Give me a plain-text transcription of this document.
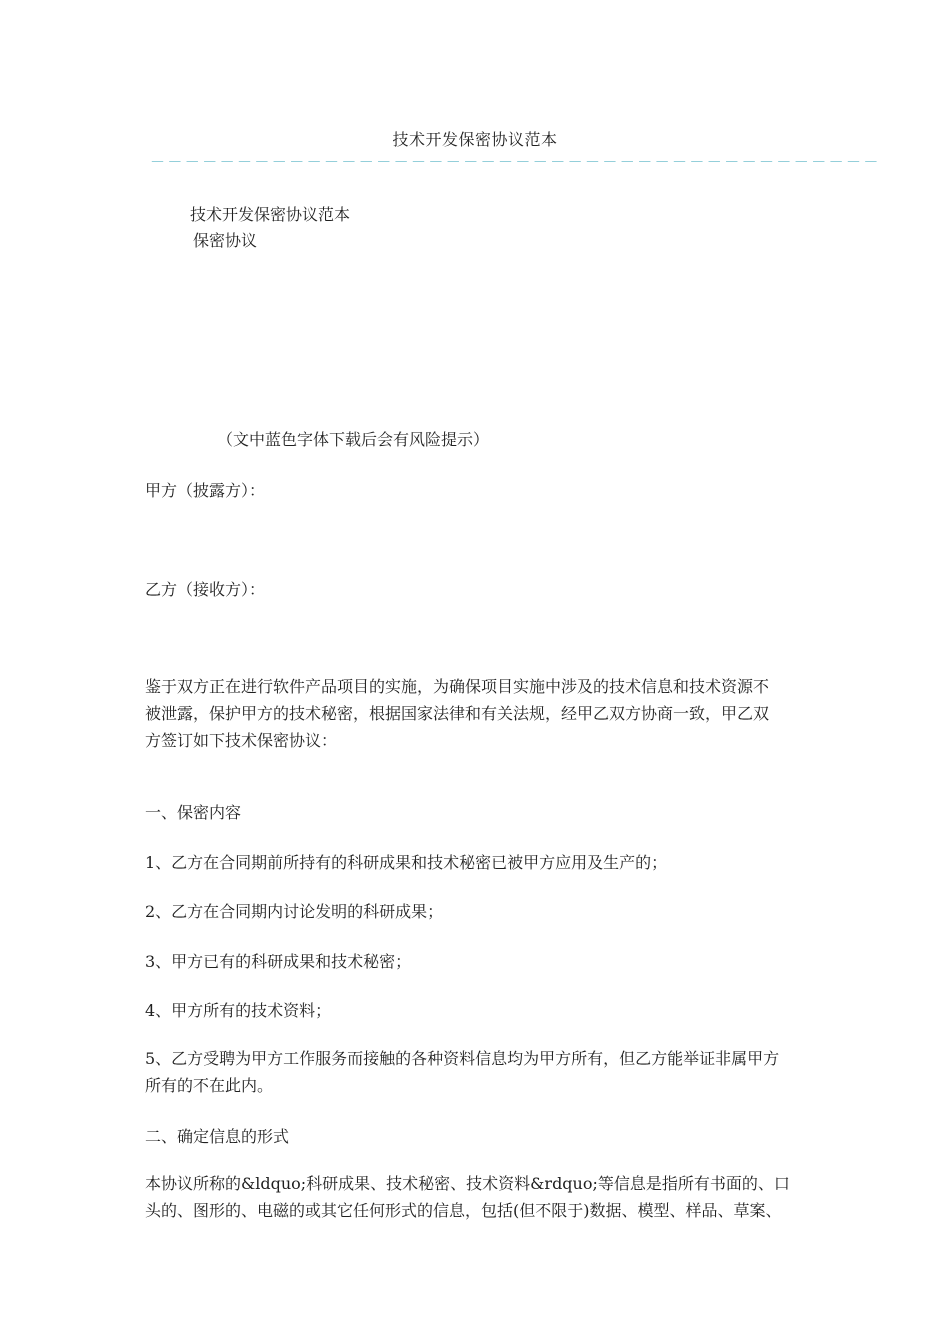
技术开发保密协议范本
－－－－－－－－－－－－－－－－－－－－－－－－－－－－－－－－－－－－－－－－－－
技术开发保密协议范本
保密协议
（文中蓝色字体下载后会有风险提示）
甲方（披露方）：
乙方（接收方）：
鉴于双方正在进行软件产品项目的实施，为确保项目实施中涉及的技术信息和技术资源不
被泄露，保护甲方的技术秘密，根据国家法律和有关法规，经甲乙双方协商一致，甲乙双
方签订如下技术保密协议：
一、保密内容
1、乙方在合同期前所持有的科研成果和技术秘密已被甲方应用及生产的；
2、乙方在合同期内讨论发明的科研成果；
3、甲方已有的科研成果和技术秘密；
4、甲方所有的技术资料；
5、乙方受聘为甲方工作服务而接触的各种资料信息均为甲方所有，但乙方能举证非属甲方
所有的不在此内。
二、确定信息的形式
本协议所称的&ldquo;科研成果、技术秘密、技术资料&rdquo;等信息是指所有书面的、口
头的、图形的、电磁的或其它任何形式的信息，包括(但不限于)数据、模型、样品、草案、
